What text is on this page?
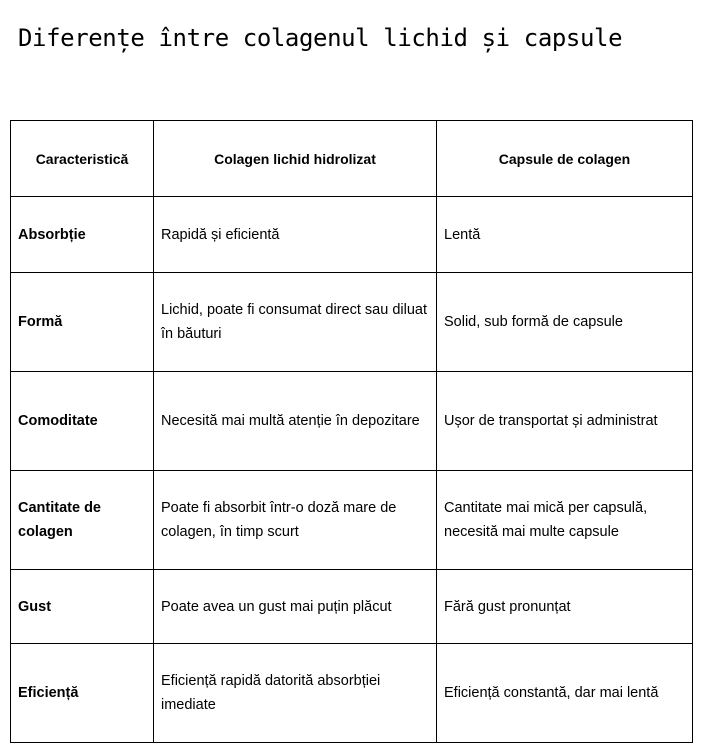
Diferențe între colagenul lichid și capsule
Caracteristică	Colagen lichid hidrolizat	Capsule de colagen
Absorbție	Rapidă și eficientă	Lentă
Formă	Lichid, poate fi consumat direct sau diluat în băuturi	Solid, sub formă de capsule
Comoditate	Necesită mai multă atenție în depozitare	Ușor de transportat și administrat
Cantitate de colagen	Poate fi absorbit într-o doză mare de colagen, în timp scurt	Cantitate mai mică per capsulă, necesită mai multe capsule
Gust	Poate avea un gust mai puțin plăcut	Fără gust pronunțat
Eficiență	Eficiență rapidă datorită absorbției imediate	Eficiență constantă, dar mai lentă
